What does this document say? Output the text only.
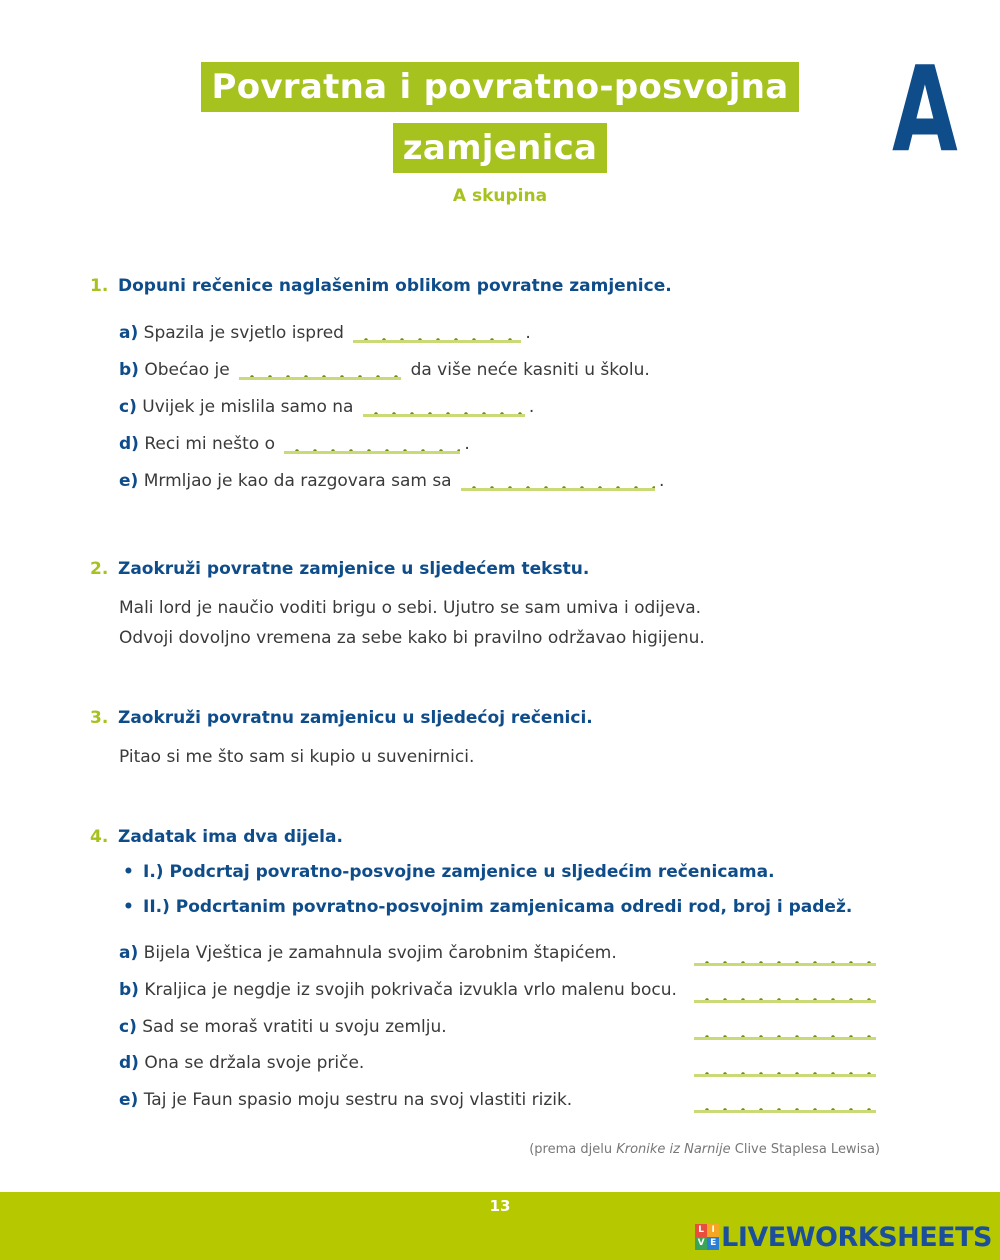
Povratna i povratno-posvojna
zamjenica
A skupina
A
1. Dopuni rečenice naglašenim oblikom povratne zamjenice.
a) Spazila je svjetlo ispred	.
b) Obećao je	da više neće kasniti u školu.
c) Uvijek je mislila samo na	.
d) Reci mi nešto o	.
e) Mrmljao je kao da razgovara sam sa	.
2. Zaokruži povratne zamjenice u sljedećem tekstu.
Mali lord je naučio voditi brigu o sebi. Ujutro se sam umiva i odijeva.
Odvoji dovoljno vremena za sebe kako bi pravilno održavao higijenu.
3. Zaokruži povratnu zamjenicu u sljedećoj rečenici.
Pitao si me što sam si kupio u suvenirnici.
4. Zadatak ima dva dijela.
• I.) Podcrtaj povratno-posvojne zamjenice u sljedećim rečenicama.
• II.) Podcrtanim povratno-posvojnim zamjenicama odredi rod, broj i padež.
a) Bijela Vještica je zamahnula svojim čarobnim štapićem.
b) Kraljica je negdje iz svojih pokrivača izvukla vrlo malenu bocu.
c) Sad se moraš vratiti u svoju zemlju.
d) Ona se držala svoje priče.
e) Taj je Faun spasio moju sestru na svoj vlastiti rizik.
(prema djelu Kronike iz Narnije Clive Staplesa Lewisa)
13
L I
V E LIVEWORKSHEETS
